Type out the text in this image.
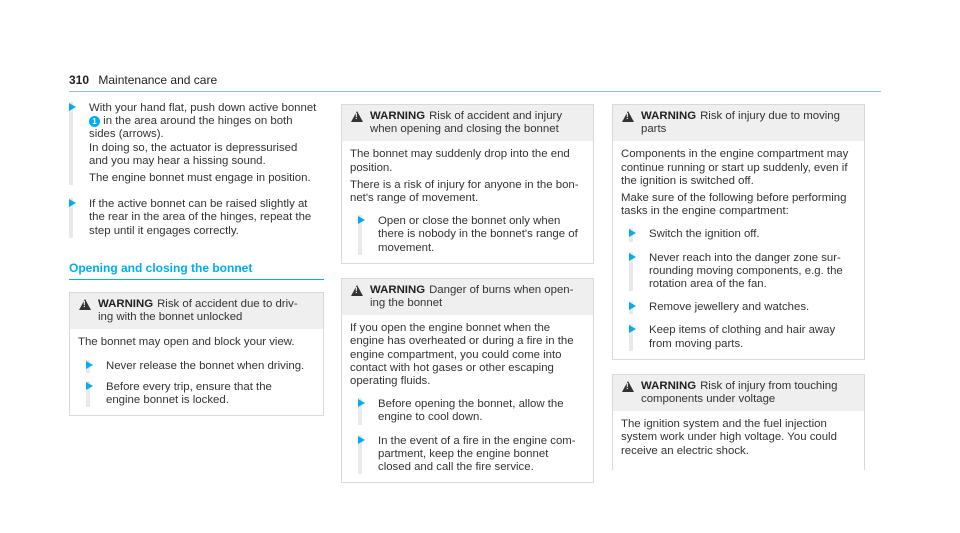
310 Maintenance and care
With your hand flat, push down active bonnet
1 in the area around the hinges on both
sides (arrows).
In doing so, the actuator is depressurised
and you may hear a hissing sound.
The engine bonnet must engage in position.
If the active bonnet can be raised slightly at
the rear in the area of the hinges, repeat the
step until it engages correctly.
Opening and closing the bonnet
!
WARNING Risk of accident due to driv-
ing with the bonnet unlocked
The bonnet may open and block your view.
Never release the bonnet when driving.
Before every trip, ensure that the
engine bonnet is locked.
!
WARNING Risk of accident and injury
when opening and closing the bonnet
The bonnet may suddenly drop into the end
position.
There is a risk of injury for anyone in the bon-
net's range of movement.
Open or close the bonnet only when
there is nobody in the bonnet's range of
movement.
!
WARNING Danger of burns when open-
ing the bonnet
If you open the engine bonnet when the
engine has overheated or during a fire in the
engine compartment, you could come into
contact with hot gases or other escaping
operating fluids.
Before opening the bonnet, allow the
engine to cool down.
In the event of a fire in the engine com-
partment, keep the engine bonnet
closed and call the fire service.
!
WARNING Risk of injury due to moving
parts
Components in the engine compartment may
continue running or start up suddenly, even if
the ignition is switched off.
Make sure of the following before performing
tasks in the engine compartment:
Switch the ignition off.
Never reach into the danger zone sur-
rounding moving components, e.g. the
rotation area of the fan.
Remove jewellery and watches.
Keep items of clothing and hair away
from moving parts.
!
WARNING Risk of injury from touching
components under voltage
The ignition system and the fuel injection
system work under high voltage. You could
receive an electric shock.
